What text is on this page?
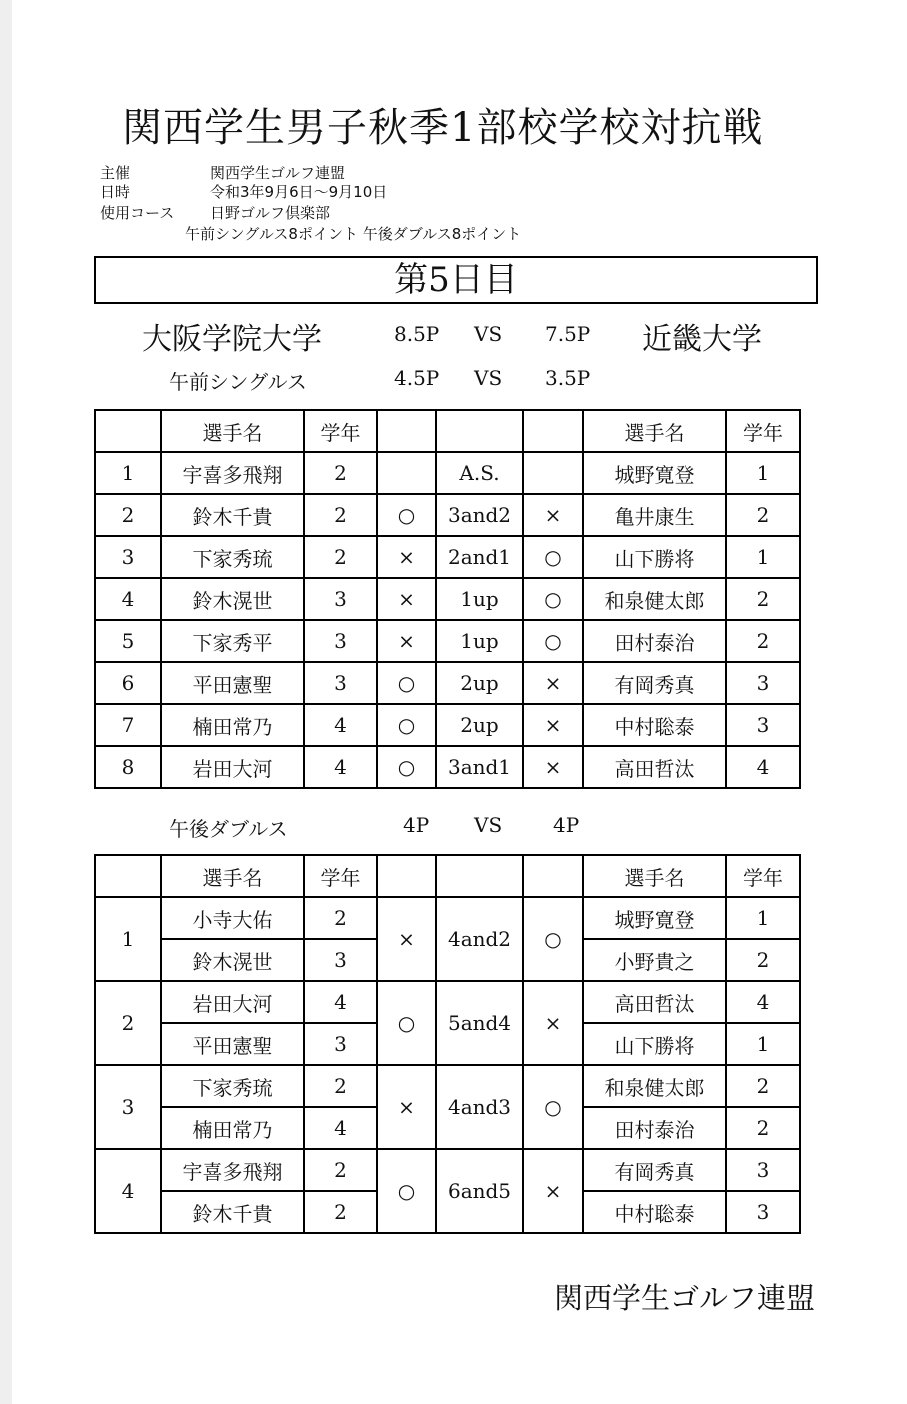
関西学生男子秋季1部校学校対抗戦
主催	関西学生ゴルフ連盟
日時	令和3年9月6日～9月10日
使用コース 日野ゴルフ倶楽部
午前シングルス8ポイント 午後ダブルス8ポイント
第5日目
大阪学院大学	8.5P VS 7.5P 近畿大学
午前シングルス	4.5P VS 3.5P
	選手名	学年				選手名	学年
1	宇喜多飛翔	2		A.S.		城野寛登	1
2	鈴木千貴	2	○	3and2	×	亀井康生	2
3	下家秀琉	2	×	2and1	○	山下勝将	1
4	鈴木滉世	3	×	1up	○	和泉健太郎	2
5	下家秀平	3	×	1up	○	田村泰治	2
6	平田憲聖	3	○	2up	×	有岡秀真	3
7	楠田常乃	4	○	2up	×	中村聡泰	3
8	岩田大河	4	○	3and1	×	高田哲汰	4
午後ダブルス	4P VS	4P
	選手名	学年				選手名	学年
1	小寺大佑	2	×	4and2	○	城野寛登	1
	鈴木滉世	3				小野貴之	2
2	岩田大河	4	○	5and4	×	高田哲汰	4
	平田憲聖	3				山下勝将	1
3	下家秀琉	2	×	4and3	○	和泉健太郎	2
	楠田常乃	4				田村泰治	2
4	宇喜多飛翔	2	○	6and5	×	有岡秀真	3
	鈴木千貴	2				中村聡泰	3
関西学生ゴルフ連盟
